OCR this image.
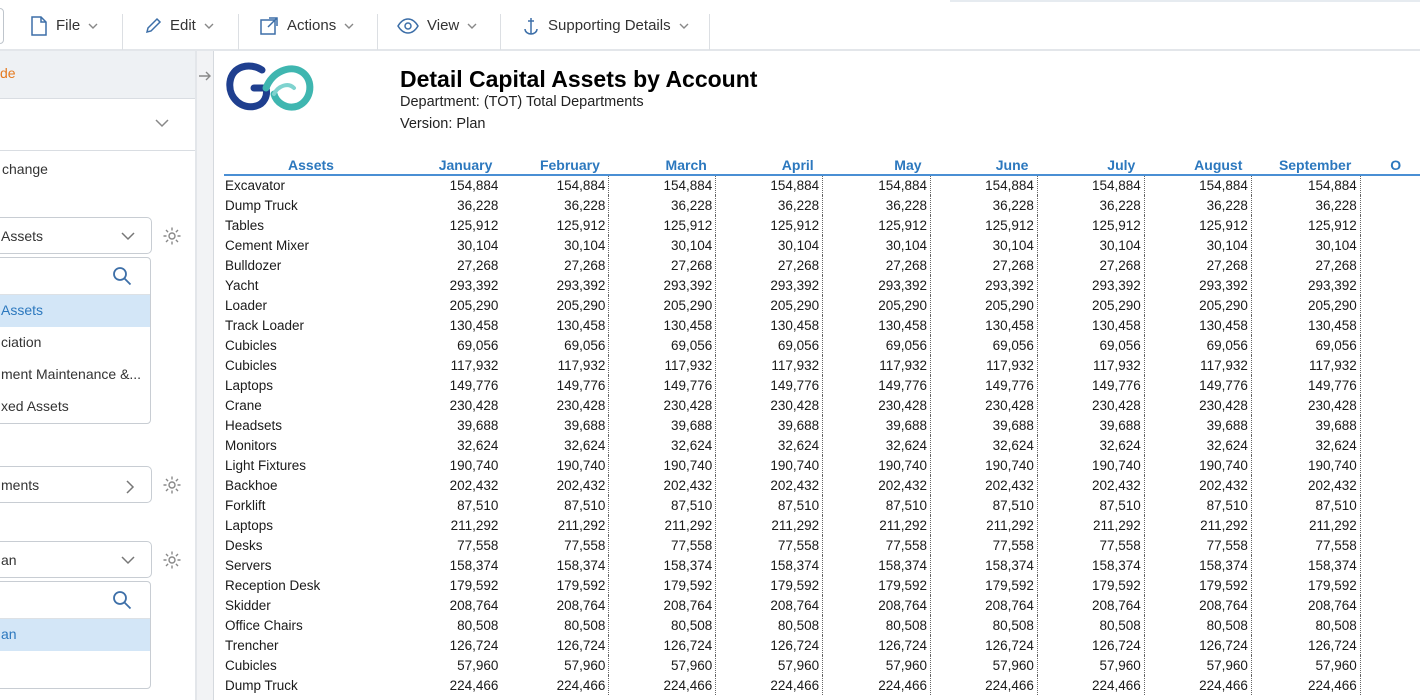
File	Edit	Actions	View	Supporting Details
de
change
Assets
Assets
ciation
ment Maintenance &...
xed Assets
ments
an
an
Detail Capital Assets by Account
Department: (TOT) Total Departments
Version: Plan
Assets	January	February	March	April	May	June	July	August	September	O
Excavator	154,884	154,884	154,884	154,884	154,884	154,884	154,884	154,884	154,884	
Dump Truck	36,228	36,228	36,228	36,228	36,228	36,228	36,228	36,228	36,228	
Tables	125,912	125,912	125,912	125,912	125,912	125,912	125,912	125,912	125,912	
Cement Mixer	30,104	30,104	30,104	30,104	30,104	30,104	30,104	30,104	30,104	
Bulldozer	27,268	27,268	27,268	27,268	27,268	27,268	27,268	27,268	27,268	
Yacht	293,392	293,392	293,392	293,392	293,392	293,392	293,392	293,392	293,392	
Loader	205,290	205,290	205,290	205,290	205,290	205,290	205,290	205,290	205,290	
Track Loader	130,458	130,458	130,458	130,458	130,458	130,458	130,458	130,458	130,458	
Cubicles	69,056	69,056	69,056	69,056	69,056	69,056	69,056	69,056	69,056	
Cubicles	117,932	117,932	117,932	117,932	117,932	117,932	117,932	117,932	117,932	
Laptops	149,776	149,776	149,776	149,776	149,776	149,776	149,776	149,776	149,776	
Crane	230,428	230,428	230,428	230,428	230,428	230,428	230,428	230,428	230,428	
Headsets	39,688	39,688	39,688	39,688	39,688	39,688	39,688	39,688	39,688	
Monitors	32,624	32,624	32,624	32,624	32,624	32,624	32,624	32,624	32,624	
Light Fixtures	190,740	190,740	190,740	190,740	190,740	190,740	190,740	190,740	190,740	
Backhoe	202,432	202,432	202,432	202,432	202,432	202,432	202,432	202,432	202,432	
Forklift	87,510	87,510	87,510	87,510	87,510	87,510	87,510	87,510	87,510	
Laptops	211,292	211,292	211,292	211,292	211,292	211,292	211,292	211,292	211,292	
Desks	77,558	77,558	77,558	77,558	77,558	77,558	77,558	77,558	77,558	
Servers	158,374	158,374	158,374	158,374	158,374	158,374	158,374	158,374	158,374	
Reception Desk	179,592	179,592	179,592	179,592	179,592	179,592	179,592	179,592	179,592	
Skidder	208,764	208,764	208,764	208,764	208,764	208,764	208,764	208,764	208,764	
Office Chairs	80,508	80,508	80,508	80,508	80,508	80,508	80,508	80,508	80,508	
Trencher	126,724	126,724	126,724	126,724	126,724	126,724	126,724	126,724	126,724	
Cubicles	57,960	57,960	57,960	57,960	57,960	57,960	57,960	57,960	57,960	
Dump Truck	224,466	224,466	224,466	224,466	224,466	224,466	224,466	224,466	224,466	
